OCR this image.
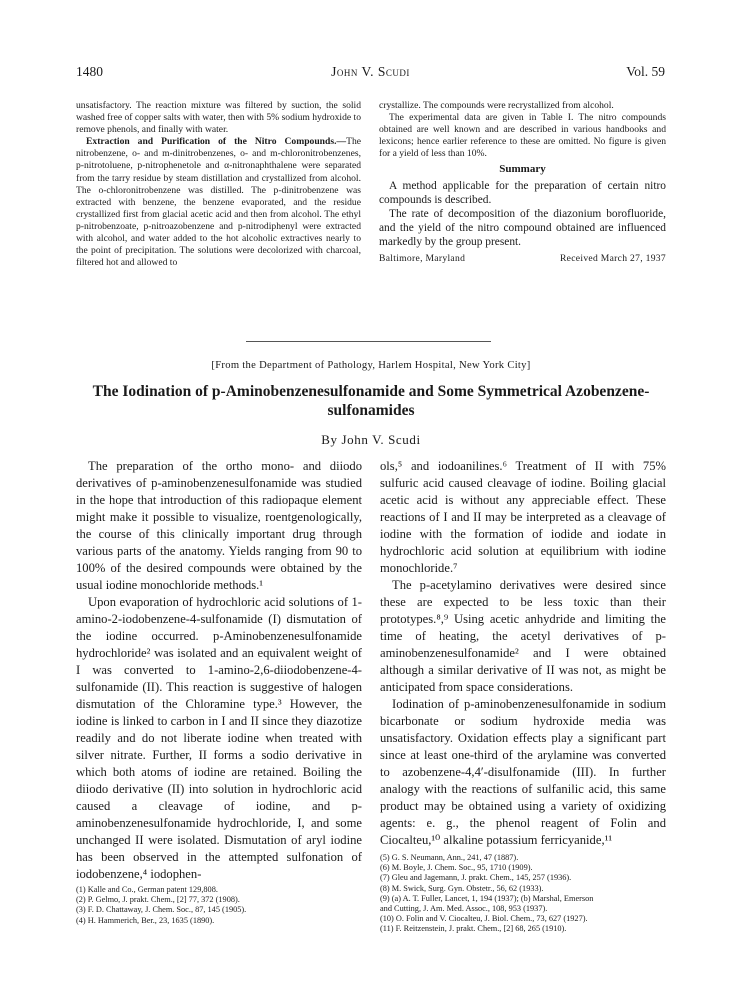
1480	John V. Scudi	Vol. 59

unsatisfactory. The reaction mixture was filtered by suction, the solid washed free of copper salts with water, then with 5% sodium hydroxide to remove phenols, and finally with water.

Extraction and Purification of the Nitro Compounds.—The nitrobenzene, o- and m-dinitrobenzenes, o- and m-chloronitrobenzenes, p-nitrotoluene, p-nitrophenetole and α-nitronaphthalene were separated from the tarry residue by steam distillation and crystallized from alcohol. The o-chloronitrobenzene was distilled. The p-dinitrobenzene was extracted with benzene, the benzene evaporated, and the residue crystallized first from glacial acetic acid and then from alcohol. The ethyl p-nitrobenzoate, p-nitroazobenzene and p-nitrodiphenyl were extracted with alcohol, and water added to the hot alcoholic extractives nearly to the point of precipitation. The solutions were decolorized with charcoal, filtered hot and allowed to

crystallize. The compounds were recrystallized from alcohol.

The experimental data are given in Table I. The nitro compounds obtained are well known and are described in various handbooks and lexicons; hence earlier reference to these are omitted. No figure is given for a yield of less than 10%.

Summary

A method applicable for the preparation of certain nitro compounds is described.

The rate of decomposition of the diazonium borofluoride, and the yield of the nitro compound obtained are influenced markedly by the group present.

Baltimore, Maryland	Received March 27, 1937

[From the Department of Pathology, Harlem Hospital, New York City]
The Iodination of p-Aminobenzenesulfonamide and Some Symmetrical Azobenzene-sulfonamides
By John V. Scudi

The preparation of the ortho mono- and diiodo derivatives of p-aminobenzenesulfonamide was studied in the hope that introduction of this radiopaque element might make it possible to visualize, roentgenologically, the course of this clinically important drug through various parts of the anatomy. Yields ranging from 90 to 100% of the desired compounds were obtained by the usual iodine monochloride methods.¹

Upon evaporation of hydrochloric acid solutions of 1-amino-2-iodobenzene-4-sulfonamide (I) dismutation of the iodine occurred. p-Aminobenzenesulfonamide hydrochloride² was isolated and an equivalent weight of I was converted to 1-amino-2,6-diiodobenzene-4-sulfonamide (II). This reaction is suggestive of halogen dismutation of the Chloramine type.³ However, the iodine is linked to carbon in I and II since they diazotize readily and do not liberate iodine when treated with silver nitrate. Further, II forms a sodio derivative in which both atoms of iodine are retained. Boiling the diiodo derivative (II) into solution in hydrochloric acid caused a cleavage of iodine, and p-aminobenzenesulfonamide hydrochloride, I, and some unchanged II were isolated. Dismutation of aryl iodine has been observed in the attempted sulfonation of iodobenzene,⁴ iodophen-

(1) Kalle and Co., German patent 129,808.
(2) P. Gelmo, J. prakt. Chem., [2] 77, 372 (1908).
(3) F. D. Chattaway, J. Chem. Soc., 87, 145 (1905).
(4) H. Hammerich, Ber., 23, 1635 (1890).

ols,⁵ and iodoanilines.⁶ Treatment of II with 75% sulfuric acid caused cleavage of iodine. Boiling glacial acetic acid is without any appreciable effect. These reactions of I and II may be interpreted as a cleavage of iodine with the formation of iodide and iodate in hydrochloric acid solution at equilibrium with iodine monochloride.⁷

The p-acetylamino derivatives were desired since these are expected to be less toxic than their prototypes.⁸,⁹ Using acetic anhydride and limiting the time of heating, the acetyl derivatives of p-aminobenzenesulfonamide² and I were obtained although a similar derivative of II was not, as might be anticipated from space considerations.

Iodination of p-aminobenzenesulfonamide in sodium bicarbonate or sodium hydroxide media was unsatisfactory. Oxidation effects play a significant part since at least one-third of the arylamine was converted to azobenzene-4,4′-disulfonamide (III). In further analogy with the reactions of sulfanilic acid, this same product may be obtained using a variety of oxidizing agents: e. g., the phenol reagent of Folin and Ciocalteu,¹⁰ alkaline potassium ferricyanide,¹¹

(5) G. S. Neumann, Ann., 241, 47 (1887).
(6) M. Boyle, J. Chem. Soc., 95, 1710 (1909).
(7) Gleu and Jagemann, J. prakt. Chem., 145, 257 (1936).
(8) M. Swick, Surg. Gyn. Obstetr., 56, 62 (1933).
(9) (a) A. T. Fuller, Lancet, 1, 194 (1937); (b) Marshal, Emerson
and Cutting, J. Am. Med. Assoc., 108, 953 (1937).
(10) O. Folin and V. Ciocalteu, J. Biol. Chem., 73, 627 (1927).
(11) F. Reitzenstein, J. prakt. Chem., [2] 68, 265 (1910).
